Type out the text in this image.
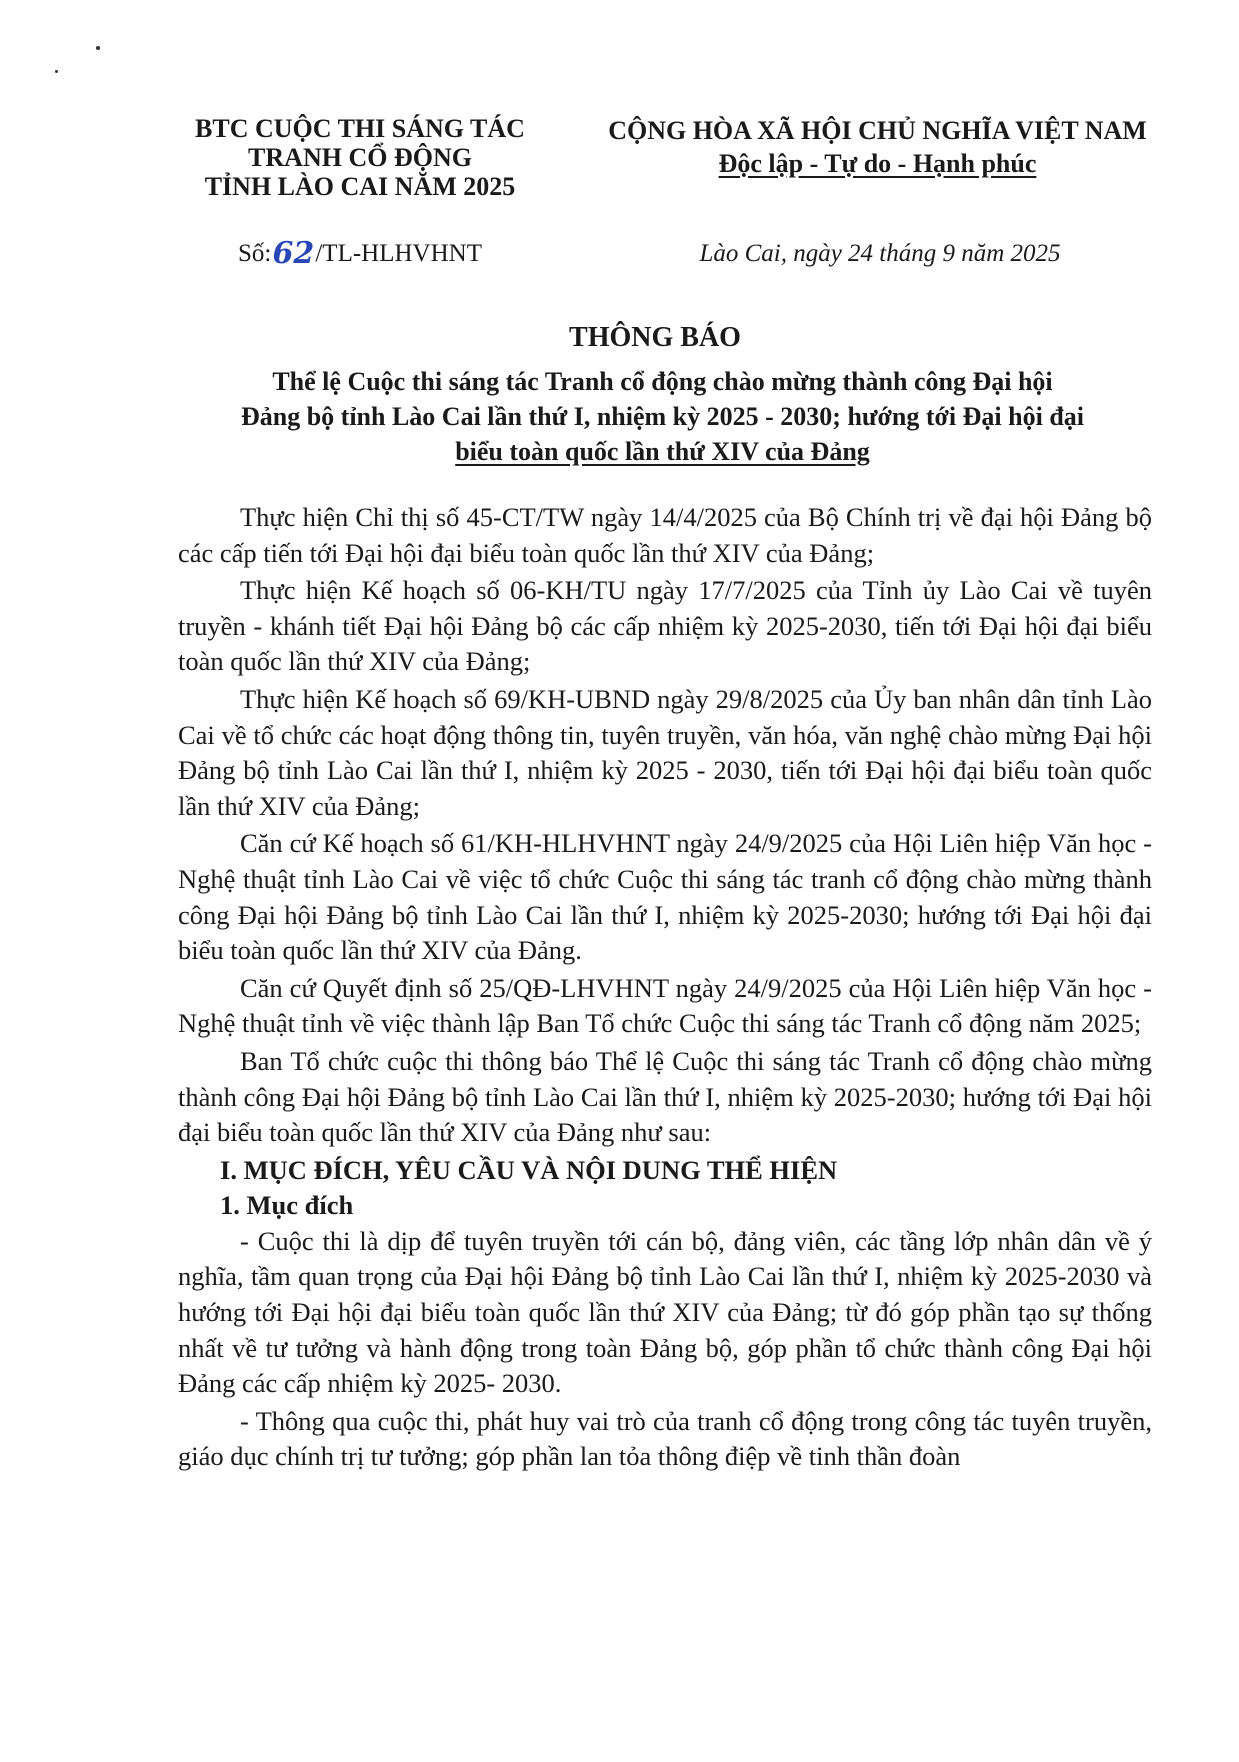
BTC CUỘC THI SÁNG TÁC
TRANH CỔ ĐỘNG
TỈNH LÀO CAI NĂM 2025
CỘNG HÒA XÃ HỘI CHỦ NGHĨA VIỆT NAM
Độc lập - Tự do - Hạnh phúc
Số:62/TL-HLHVHNT	Lào Cai, ngày 24 tháng 9 năm 2025
THÔNG BÁO
Thể lệ Cuộc thi sáng tác Tranh cổ động chào mừng thành công Đại hội
Đảng bộ tỉnh Lào Cai lần thứ I, nhiệm kỳ 2025 - 2030; hướng tới Đại hội đại
biểu toàn quốc lần thứ XIV của Đảng

Thực hiện Chỉ thị số 45-CT/TW ngày 14/4/2025 của Bộ Chính trị về đại hội Đảng bộ các cấp tiến tới Đại hội đại biểu toàn quốc lần thứ XIV của Đảng;

Thực hiện Kế hoạch số 06-KH/TU ngày 17/7/2025 của Tỉnh ủy Lào Cai về tuyên truyền - khánh tiết Đại hội Đảng bộ các cấp nhiệm kỳ 2025-2030, tiến tới Đại hội đại biểu toàn quốc lần thứ XIV của Đảng;

Thực hiện Kế hoạch số 69/KH-UBND ngày 29/8/2025 của Ủy ban nhân dân tỉnh Lào Cai về tổ chức các hoạt động thông tin, tuyên truyền, văn hóa, văn nghệ chào mừng Đại hội Đảng bộ tỉnh Lào Cai lần thứ I, nhiệm kỳ 2025 - 2030, tiến tới Đại hội đại biểu toàn quốc lần thứ XIV của Đảng;

Căn cứ Kế hoạch số 61/KH-HLHVHNT ngày 24/9/2025 của Hội Liên hiệp Văn học - Nghệ thuật tỉnh Lào Cai về việc tổ chức Cuộc thi sáng tác tranh cổ động chào mừng thành công Đại hội Đảng bộ tỉnh Lào Cai lần thứ I, nhiệm kỳ 2025-2030; hướng tới Đại hội đại biểu toàn quốc lần thứ XIV của Đảng.

Căn cứ Quyết định số 25/QĐ-LHVHNT ngày 24/9/2025 của Hội Liên hiệp Văn học - Nghệ thuật tỉnh về việc thành lập Ban Tổ chức Cuộc thi sáng tác Tranh cổ động năm 2025;

Ban Tổ chức cuộc thi thông báo Thể lệ Cuộc thi sáng tác Tranh cổ động chào mừng thành công Đại hội Đảng bộ tỉnh Lào Cai lần thứ I, nhiệm kỳ 2025-2030; hướng tới Đại hội đại biểu toàn quốc lần thứ XIV của Đảng như sau:

I. MỤC ĐÍCH, YÊU CẦU VÀ NỘI DUNG THỂ HIỆN
1. Mục đích

- Cuộc thi là dịp để tuyên truyền tới cán bộ, đảng viên, các tầng lớp nhân dân về ý nghĩa, tầm quan trọng của Đại hội Đảng bộ tỉnh Lào Cai lần thứ I, nhiệm kỳ 2025-2030 và hướng tới Đại hội đại biểu toàn quốc lần thứ XIV của Đảng; từ đó góp phần tạo sự thống nhất về tư tưởng và hành động trong toàn Đảng bộ, góp phần tổ chức thành công Đại hội Đảng các cấp nhiệm kỳ 2025- 2030.

- Thông qua cuộc thi, phát huy vai trò của tranh cổ động trong công tác tuyên truyền, giáo dục chính trị tư tưởng; góp phần lan tỏa thông điệp về tinh thần đoàn
